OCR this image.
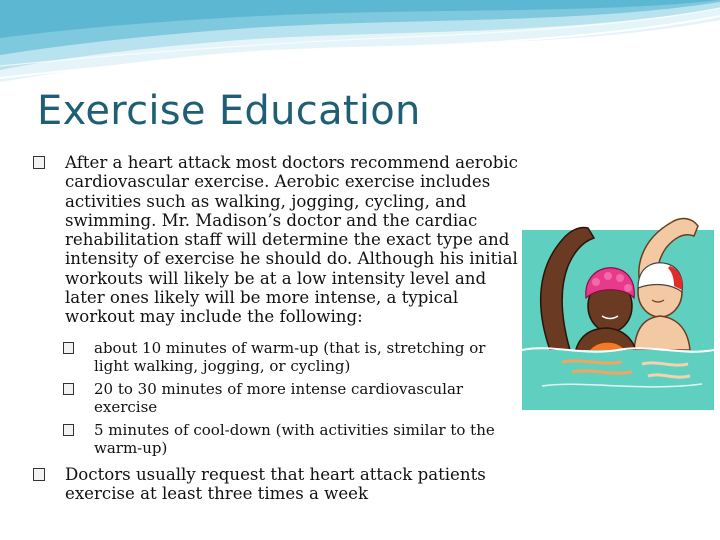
Exercise Education
After a heart attack most doctors recommend aerobic cardiovascular exercise. Aerobic exercise includes activities such as walking, jogging, cycling, and swimming. Mr. Madison’s doctor and the cardiac rehabilitation staff will determine the exact type and intensity of exercise he should do. Although his initial workouts will likely be at a low intensity level and later ones likely will be more intense, a typical workout may include the following:
about 10 minutes of warm-up (that is, stretching or light walking, jogging, or cycling)
20 to 30 minutes of more intense cardiovascular exercise
5 minutes of cool-down (with activities similar to the warm-up)
Doctors usually request that heart attack patients exercise at least three times a week
